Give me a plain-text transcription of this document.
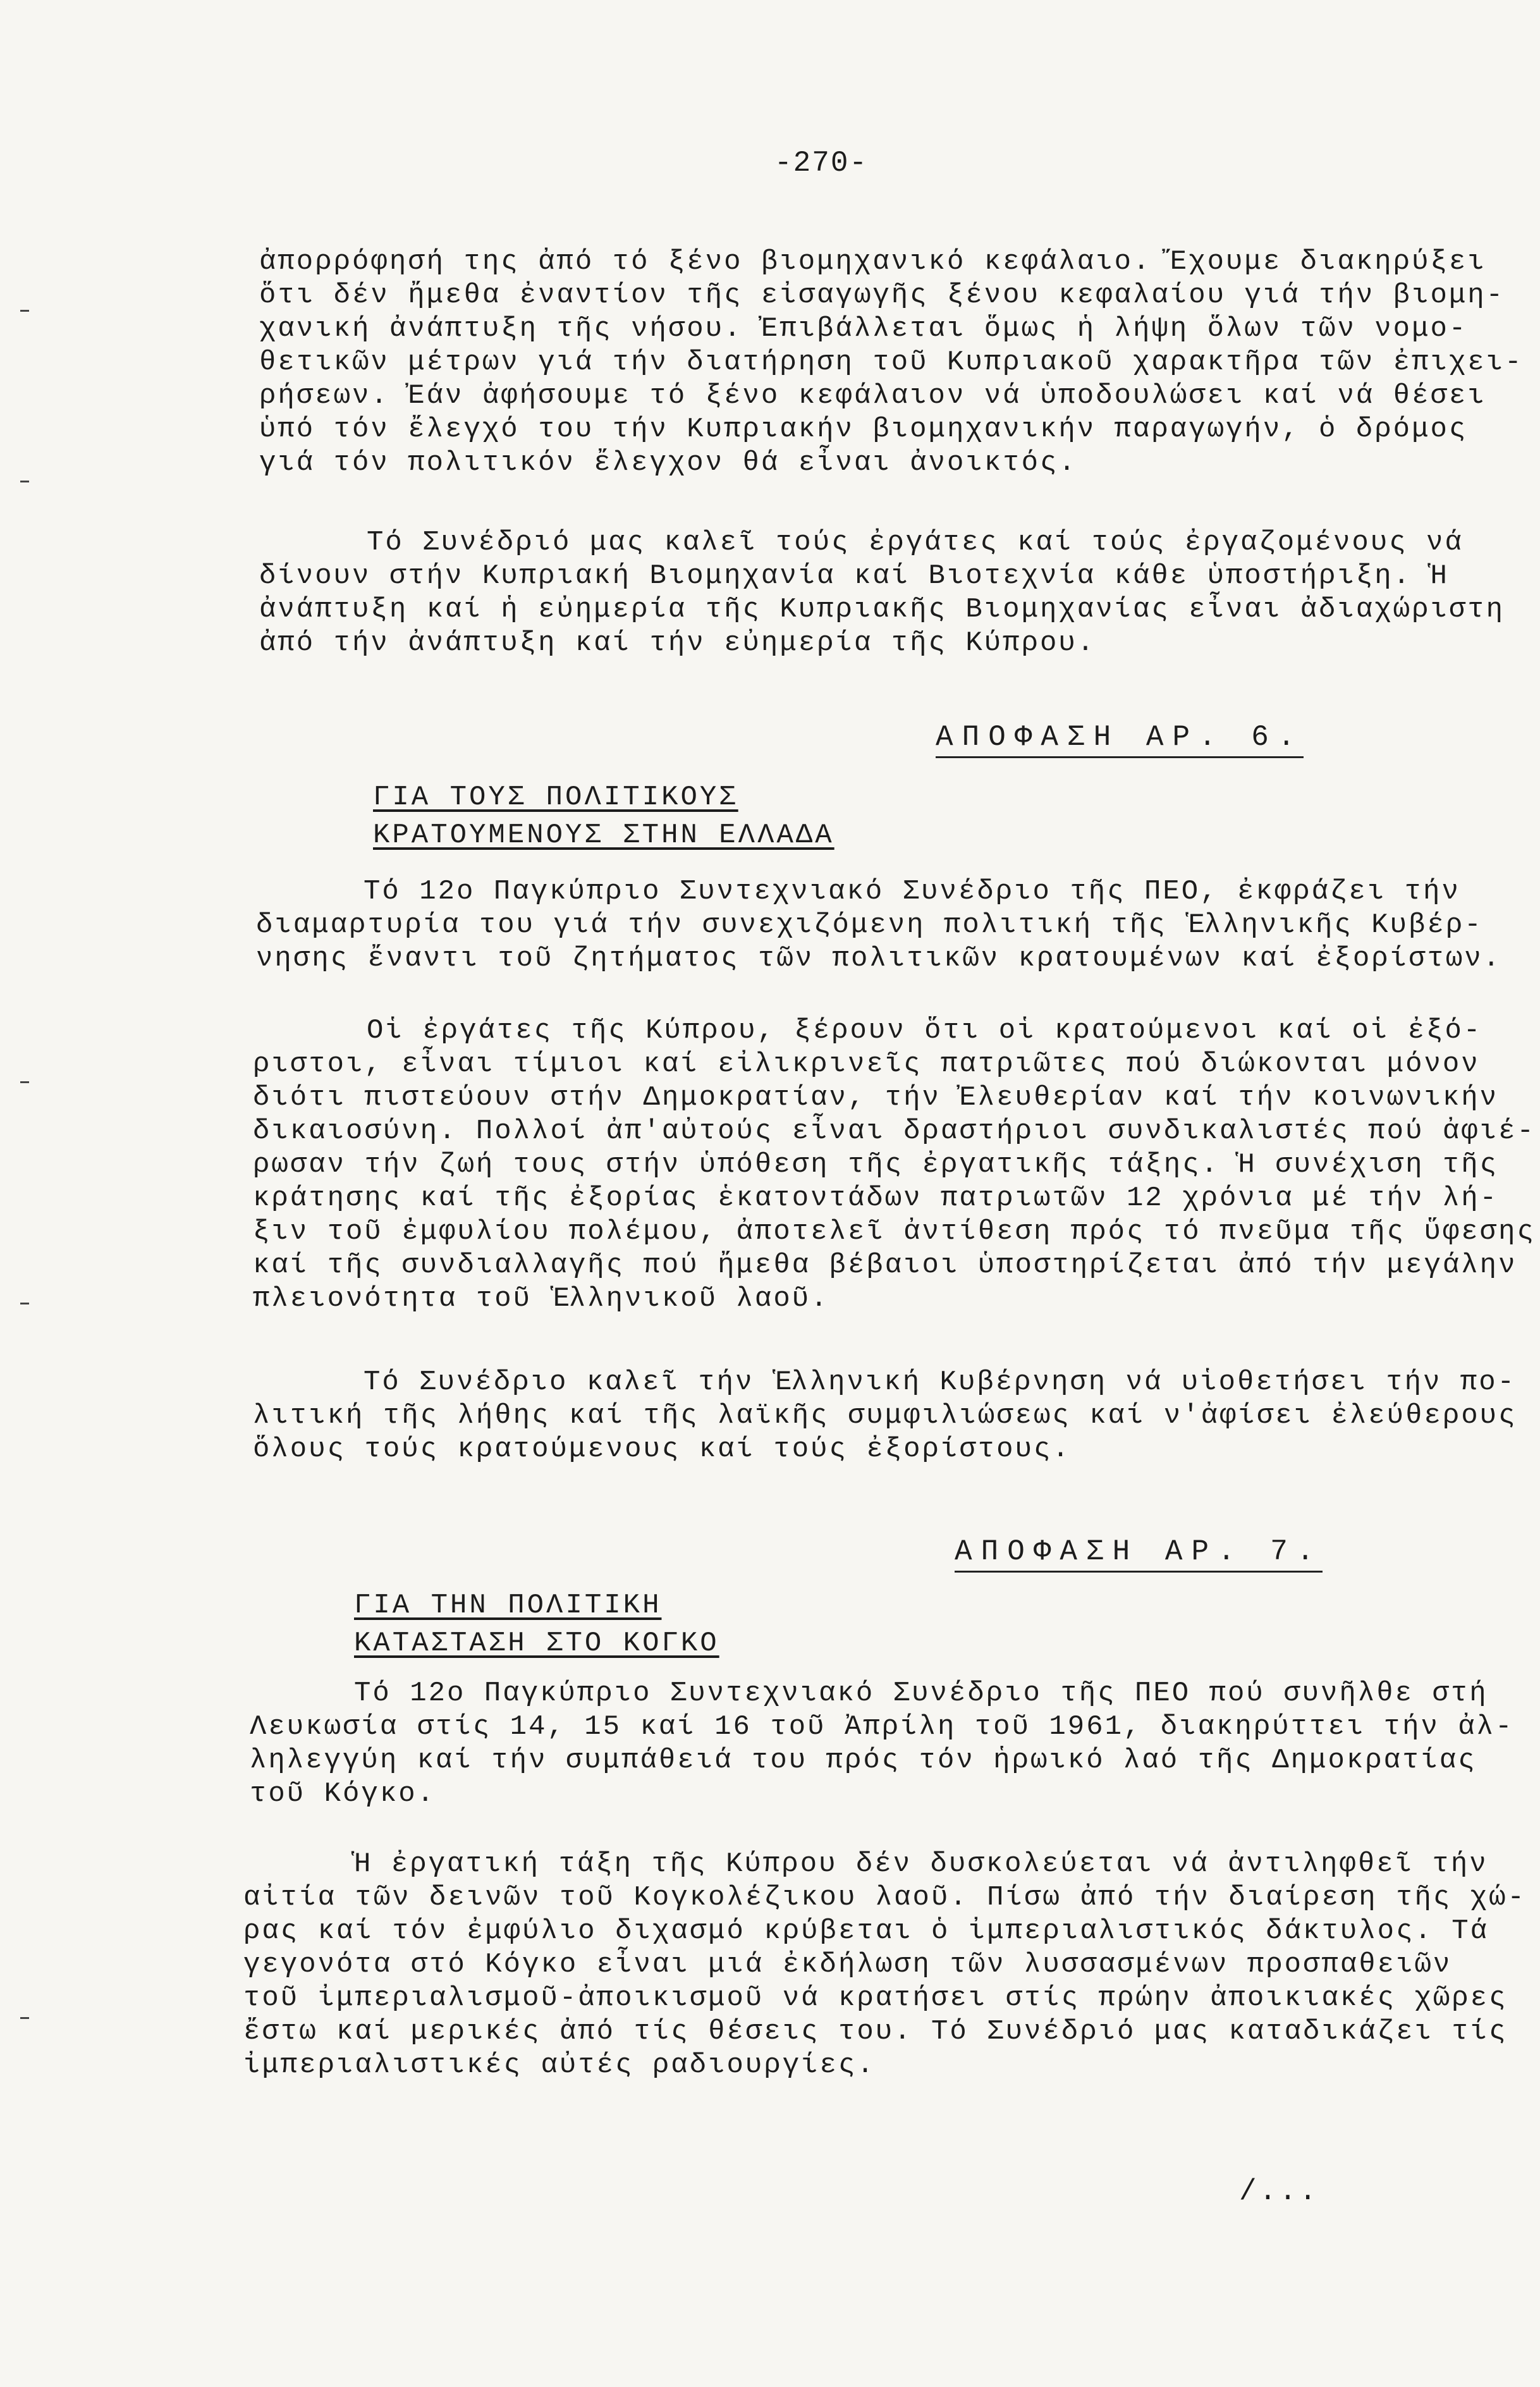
-270-
ἀπορρόφησή της ἀπό τό ξένο βιομηχανικό κεφάλαιο. Ἔχουμε διακηρύξει
ὅτι δέν ἤμεθα ἐναντίον τῆς εἰσαγωγῆς ξένου κεφαλαίου γιά τήν βιομη-
χανική ἀνάπτυξη τῆς νήσου. Ἐπιβάλλεται ὅμως ἡ λήψη ὅλων τῶν νομο-
θετικῶν μέτρων γιά τήν διατήρηση τοῦ Κυπριακοῦ χαρακτῆρα τῶν ἐπιχει-
ρήσεων. Ἐάν ἀφήσουμε τό ξένο κεφάλαιον νά ὑποδουλώσει καί νά θέσει
ὑπό τόν ἔλεγχό του τήν Κυπριακήν βιομηχανικήν παραγωγήν, ὁ δρόμος
γιά τόν πολιτικόν ἔλεγχον θά εἶναι ἀνοικτός.
Τό Συνέδριό μας καλεῖ τούς ἐργάτες καί τούς ἐργαζομένους νά
δίνουν στήν Κυπριακή Βιομηχανία καί Βιοτεχνία κάθε ὑποστήριξη. Ἡ
ἀνάπτυξη καί ἡ εὐημερία τῆς Κυπριακῆς Βιομηχανίας εἶναι ἀδιαχώριστη
ἀπό τήν ἀνάπτυξη καί τήν εὐημερία τῆς Κύπρου.
ΑΠΟΦΑΣΗ ΑΡ. 6.
ΓΙΑ ΤΟΥΣ ΠΟΛΙΤΙΚΟΥΣ
ΚΡΑΤΟΥΜΕΝΟΥΣ ΣΤΗΝ ΕΛΛΑΔΑ
Τό 12ο Παγκύπριο Συντεχνιακό Συνέδριο τῆς ΠΕΟ, ἐκφράζει τήν
διαμαρτυρία του γιά τήν συνεχιζόμενη πολιτική τῆς Ἑλληνικῆς Κυβέρ-
νησης ἔναντι τοῦ ζητήματος τῶν πολιτικῶν κρατουμένων καί ἐξορίστων.
Οἱ ἐργάτες τῆς Κύπρου, ξέρουν ὅτι οἱ κρατούμενοι καί οἱ ἐξό-
ριστοι, εἶναι τίμιοι καί εἰλικρινεῖς πατριῶτες πού διώκονται μόνον
διότι πιστεύουν στήν Δημοκρατίαν, τήν Ἐλευθερίαν καί τήν κοινωνικήν
δικαιοσύνη. Πολλοί ἀπ'αὐτούς εἶναι δραστήριοι συνδικαλιστές πού ἀφιέ-
ρωσαν τήν ζωή τους στήν ὑπόθεση τῆς ἐργατικῆς τάξης. Ἡ συνέχιση τῆς
κράτησης καί τῆς ἐξορίας ἑκατοντάδων πατριωτῶν 12 χρόνια μέ τήν λή-
ξιν τοῦ ἐμφυλίου πολέμου, ἀποτελεῖ ἀντίθεση πρός τό πνεῦμα τῆς ὕφεσης
καί τῆς συνδιαλλαγῆς πού ἤμεθα βέβαιοι ὑποστηρίζεται ἀπό τήν μεγάλην
πλειονότητα τοῦ Ἑλληνικοῦ λαοῦ.
Τό Συνέδριο καλεῖ τήν Ἑλληνική Κυβέρνηση νά υἱοθετήσει τήν πο-
λιτική τῆς λήθης καί τῆς λαϊκῆς συμφιλιώσεως καί ν'ἀφίσει ἐλεύθερους
ὅλους τούς κρατούμενους καί τούς ἐξορίστους.
ΑΠΟΦΑΣΗ ΑΡ. 7.
ΓΙΑ ΤΗΝ ΠΟΛΙΤΙΚΗ
ΚΑΤΑΣΤΑΣΗ ΣΤΟ ΚΟΓΚΟ
Τό 12ο Παγκύπριο Συντεχνιακό Συνέδριο τῆς ΠΕΟ πού συνῆλθε στή
Λευκωσία στίς 14, 15 καί 16 τοῦ Ἀπρίλη τοῦ 1961, διακηρύττει τήν ἀλ-
ληλεγγύη καί τήν συμπάθειά του πρός τόν ἡρωικό λαό τῆς Δημοκρατίας
τοῦ Κόγκο.
Ἡ ἐργατική τάξη τῆς Κύπρου δέν δυσκολεύεται νά ἀντιληφθεῖ τήν
αἰτία τῶν δεινῶν τοῦ Κογκολέζικου λαοῦ. Πίσω ἀπό τήν διαίρεση τῆς χώ-
ρας καί τόν ἐμφύλιο διχασμό κρύβεται ὁ ἰμπεριαλιστικός δάκτυλος. Τά
γεγονότα στό Κόγκο εἶναι μιά ἐκδήλωση τῶν λυσσασμένων προσπαθειῶν
τοῦ ἰμπεριαλισμοῦ-ἀποικισμοῦ νά κρατήσει στίς πρώην ἀποικιακές χῶρες
ἔστω καί μερικές ἀπό τίς θέσεις του. Τό Συνέδριό μας καταδικάζει τίς
ἰμπεριαλιστικές αὐτές ραδιουργίες.
/...
